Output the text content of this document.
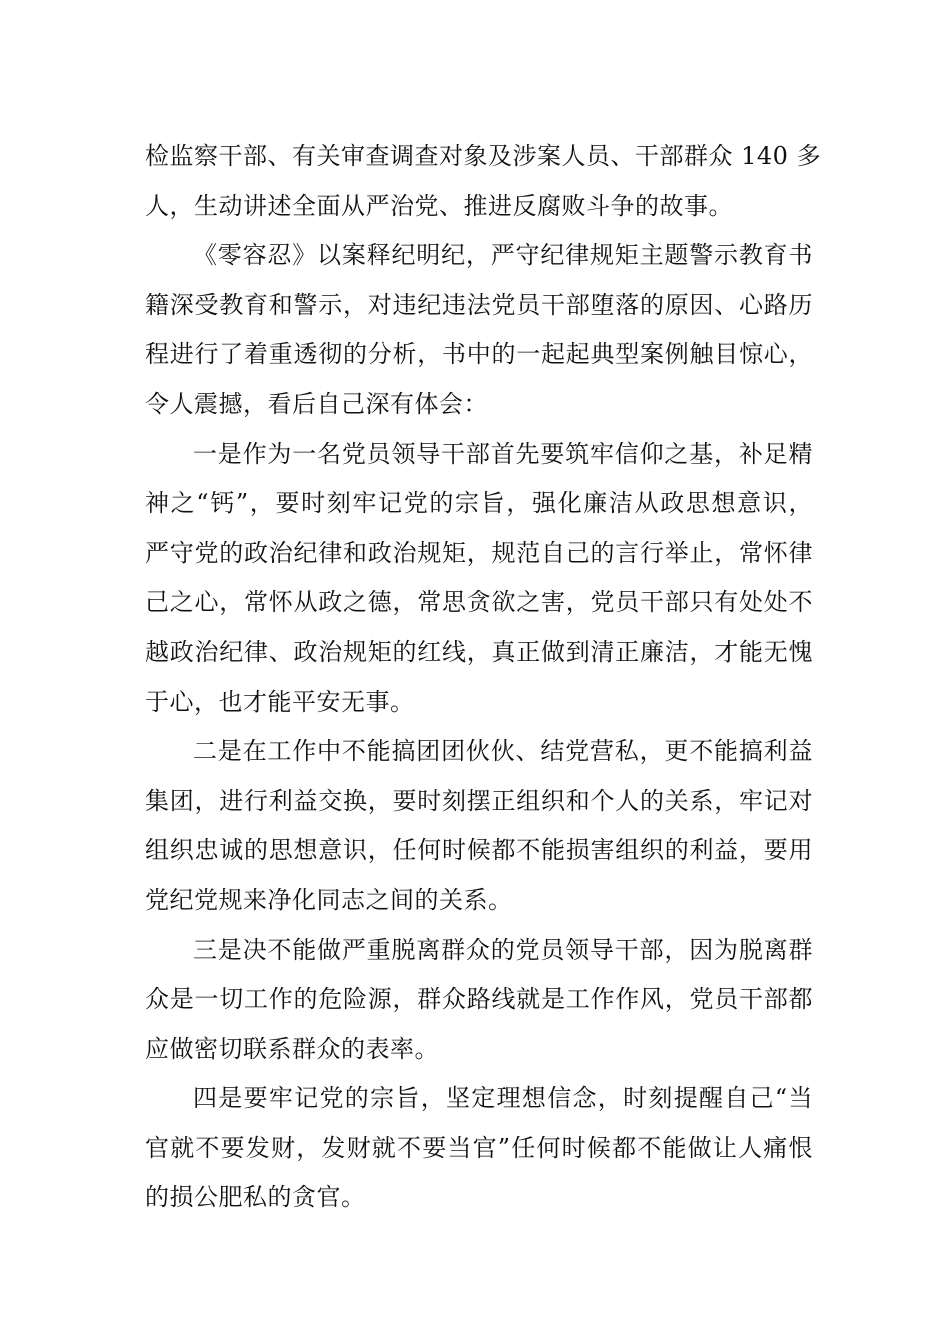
检监察干部、有关审查调查对象及涉案人员、干部群众 140 多
人，生动讲述全面从严治党、推进反腐败斗争的故事。

《零容忍》以案释纪明纪，严守纪律规矩主题警示教育书
籍深受教育和警示，对违纪违法党员干部堕落的原因、心路历
程进行了着重透彻的分析，书中的一起起典型案例触目惊心，
令人震撼，看后自己深有体会：

一是作为一名党员领导干部首先要筑牢信仰之基，补足精
神之“钙”，要时刻牢记党的宗旨，强化廉洁从政思想意识，
严守党的政治纪律和政治规矩，规范自己的言行举止，常怀律
己之心，常怀从政之德，常思贪欲之害，党员干部只有处处不
越政治纪律、政治规矩的红线，真正做到清正廉洁，才能无愧
于心，也才能平安无事。

二是在工作中不能搞团团伙伙、结党营私，更不能搞利益
集团，进行利益交换，要时刻摆正组织和个人的关系，牢记对
组织忠诚的思想意识，任何时候都不能损害组织的利益，要用
党纪党规来净化同志之间的关系。

三是决不能做严重脱离群众的党员领导干部，因为脱离群
众是一切工作的危险源，群众路线就是工作作风，党员干部都
应做密切联系群众的表率。

四是要牢记党的宗旨，坚定理想信念，时刻提醒自己“当
官就不要发财，发财就不要当官”任何时候都不能做让人痛恨
的损公肥私的贪官。
